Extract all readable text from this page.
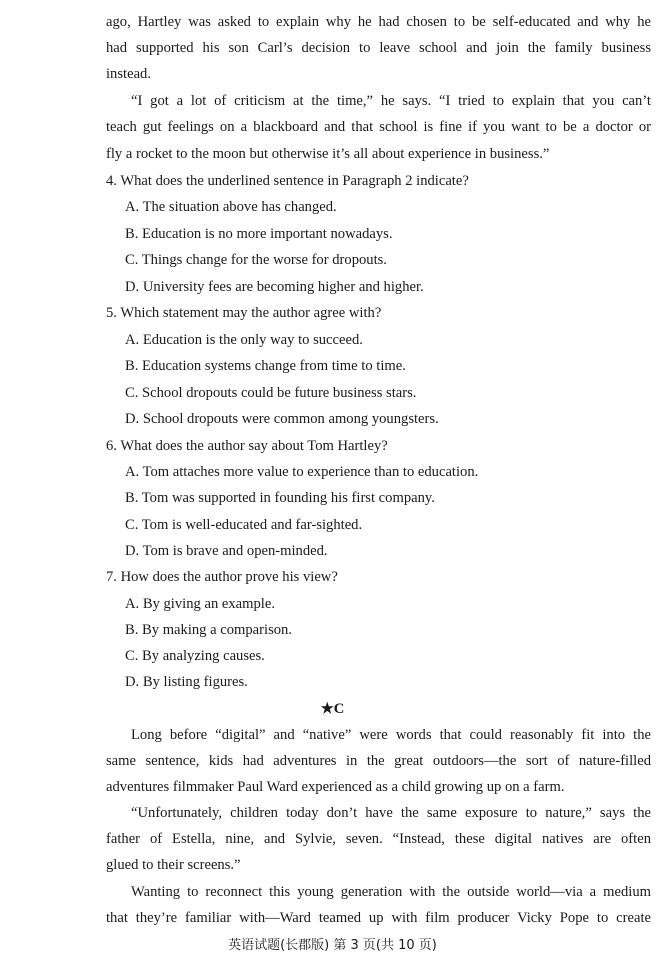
ago, Hartley was asked to explain why he had chosen to be self-educated and why he
had supported his son Carl’s decision to leave school and join the family business
instead.
“I got a lot of criticism at the time,” he says. “I tried to explain that you can’t
teach gut feelings on a blackboard and that school is fine if you want to be a doctor or
fly a rocket to the moon but otherwise it’s all about experience in business.”
4. What does the underlined sentence in Paragraph 2 indicate?
A. The situation above has changed.
B. Education is no more important nowadays.
C. Things change for the worse for dropouts.
D. University fees are becoming higher and higher.
5. Which statement may the author agree with?
A. Education is the only way to succeed.
B. Education systems change from time to time.
C. School dropouts could be future business stars.
D. School dropouts were common among youngsters.
6. What does the author say about Tom Hartley?
A. Tom attaches more value to experience than to education.
B. Tom was supported in founding his first company.
C. Tom is well-educated and far-sighted.
D. Tom is brave and open-minded.
7. How does the author prove his view?
A. By giving an example.
B. By making a comparison.
C. By analyzing causes.
D. By listing figures.
★C
Long before “digital” and “native” were words that could reasonably fit into the
same sentence, kids had adventures in the great outdoors—the sort of nature-filled
adventures filmmaker Paul Ward experienced as a child growing up on a farm.
“Unfortunately, children today don’t have the same exposure to nature,” says the
father of Estella, nine, and Sylvie, seven. “Instead, these digital natives are often
glued to their screens.”
Wanting to reconnect this young generation with the outside world—via a medium
that they’re familiar with—Ward teamed up with film producer Vicky Pope to create
英语试题(长郡版) 第 3 页(共 10 页)
